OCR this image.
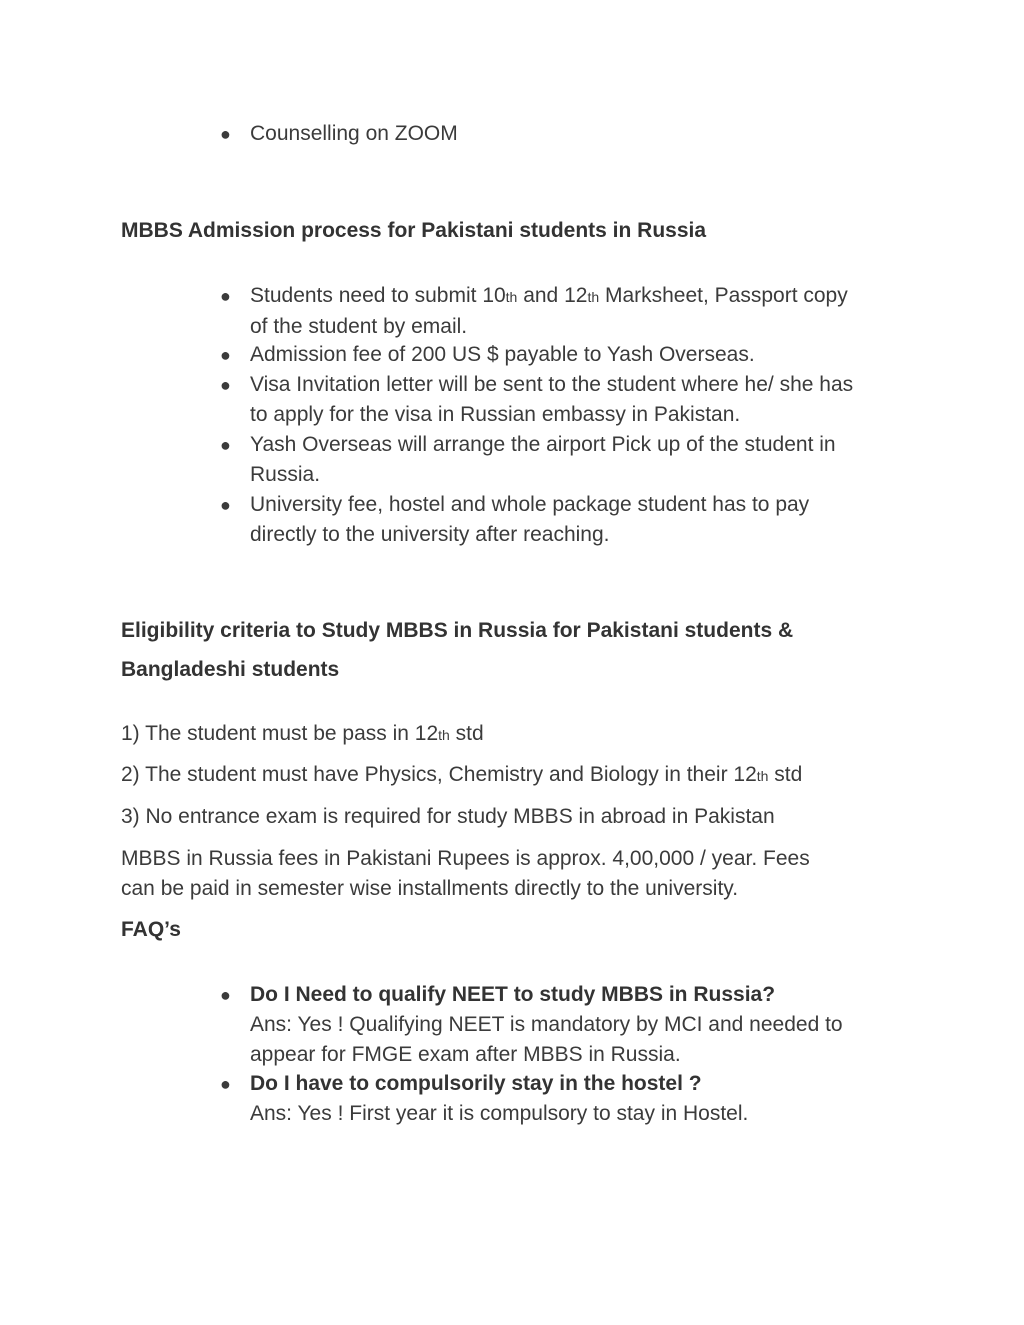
● Counselling on ZOOM
MBBS Admission process for Pakistani students in Russia
● Students need to submit 10th and 12th Marksheet, Passport copy
of the student by email.
● Admission fee of 200 US $ payable to Yash Overseas.
● Visa Invitation letter will be sent to the student where he/ she has
to apply for the visa in Russian embassy in Pakistan.
● Yash Overseas will arrange the airport Pick up of the student in
Russia.
● University fee, hostel and whole package student has to pay
directly to the university after reaching.
Eligibility criteria to Study MBBS in Russia for Pakistani students &
Bangladeshi students
1) The student must be pass in 12th std
2) The student must have Physics, Chemistry and Biology in their 12th std
3) No entrance exam is required for study MBBS in abroad in Pakistan
MBBS in Russia fees in Pakistani Rupees is approx. 4,00,000 / year. Fees
can be paid in semester wise installments directly to the university.
FAQ’s
● Do I Need to qualify NEET to study MBBS in Russia?
Ans: Yes ! Qualifying NEET is mandatory by MCI and needed to
appear for FMGE exam after MBBS in Russia.
● Do I have to compulsorily stay in the hostel ?
Ans: Yes ! First year it is compulsory to stay in Hostel.
